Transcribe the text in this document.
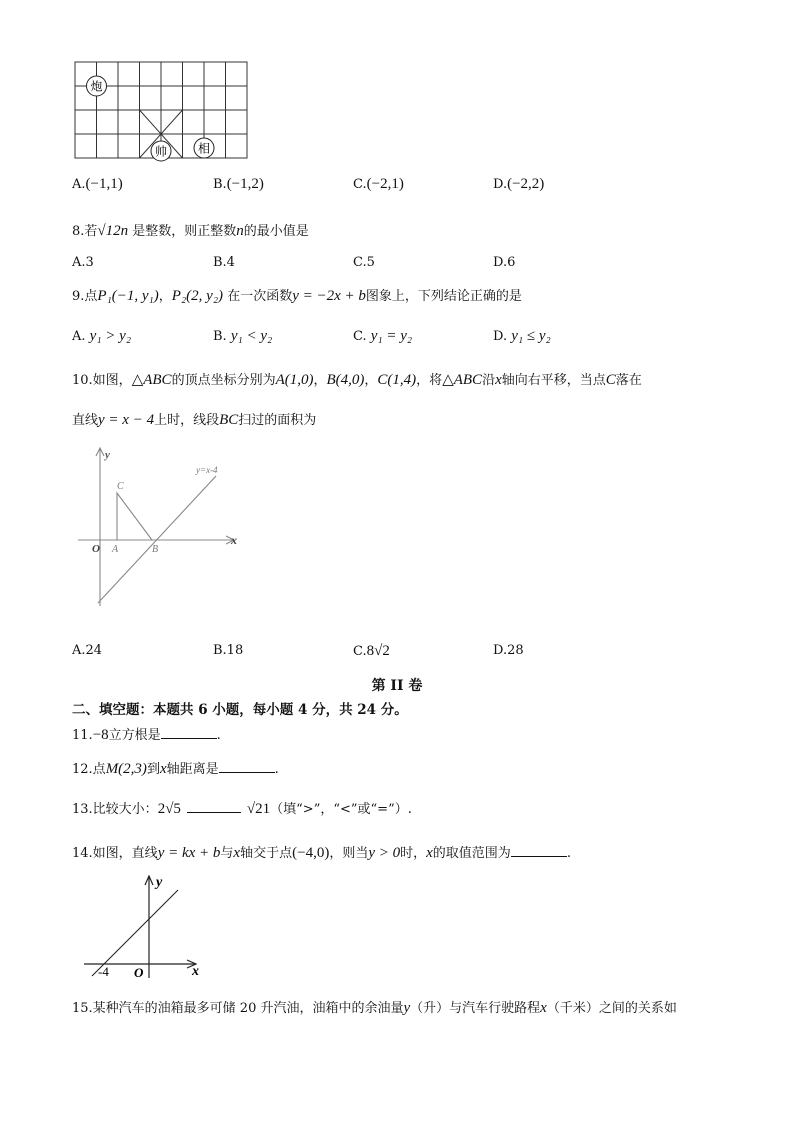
炮
帅	相
A.(−1,1)	B.(−1,2)	C.(−2,1)	D.(−2,2)
8.若√12n 是整数，则正整数n的最小值是
A.3	B.4	C.5	D.6
9.点P₁(−1, y₁)，P₂(2, y₂) 在一次函数y = −2x + b图象上，下列结论正确的是
A. y₁ > y₂	B. y₁ < y₂	C. y₁ = y₂	D. y₁ ≤ y₂
10.如图，△ABC的顶点坐标分别为A(1,0)，B(4,0)，C(1,4)，将△ABC沿x轴向右平移，当点C落在
直线y = x − 4上时，线段BC扫过的面积为
y
x
O A	B
C
y=x-4
A.24	B.18	C.8√2	D.28
第 II 卷
二、填空题：本题共 6 小题，每小题 4 分，共 24 分。
11.−8立方根是	.
12.点M(2,3)到x轴距离是	.
13.比较大小：2√5	√21（填“>”，“<”或“=”）.
14.如图，直线y = kx + b与x轴交于点(−4,0)，则当y > 0时，x的取值范围为	.
y
x
O
-4
15.某种汽车的油箱最多可储 20 升汽油，油箱中的余油量y（升）与汽车行驶路程x（千米）之间的关系如
